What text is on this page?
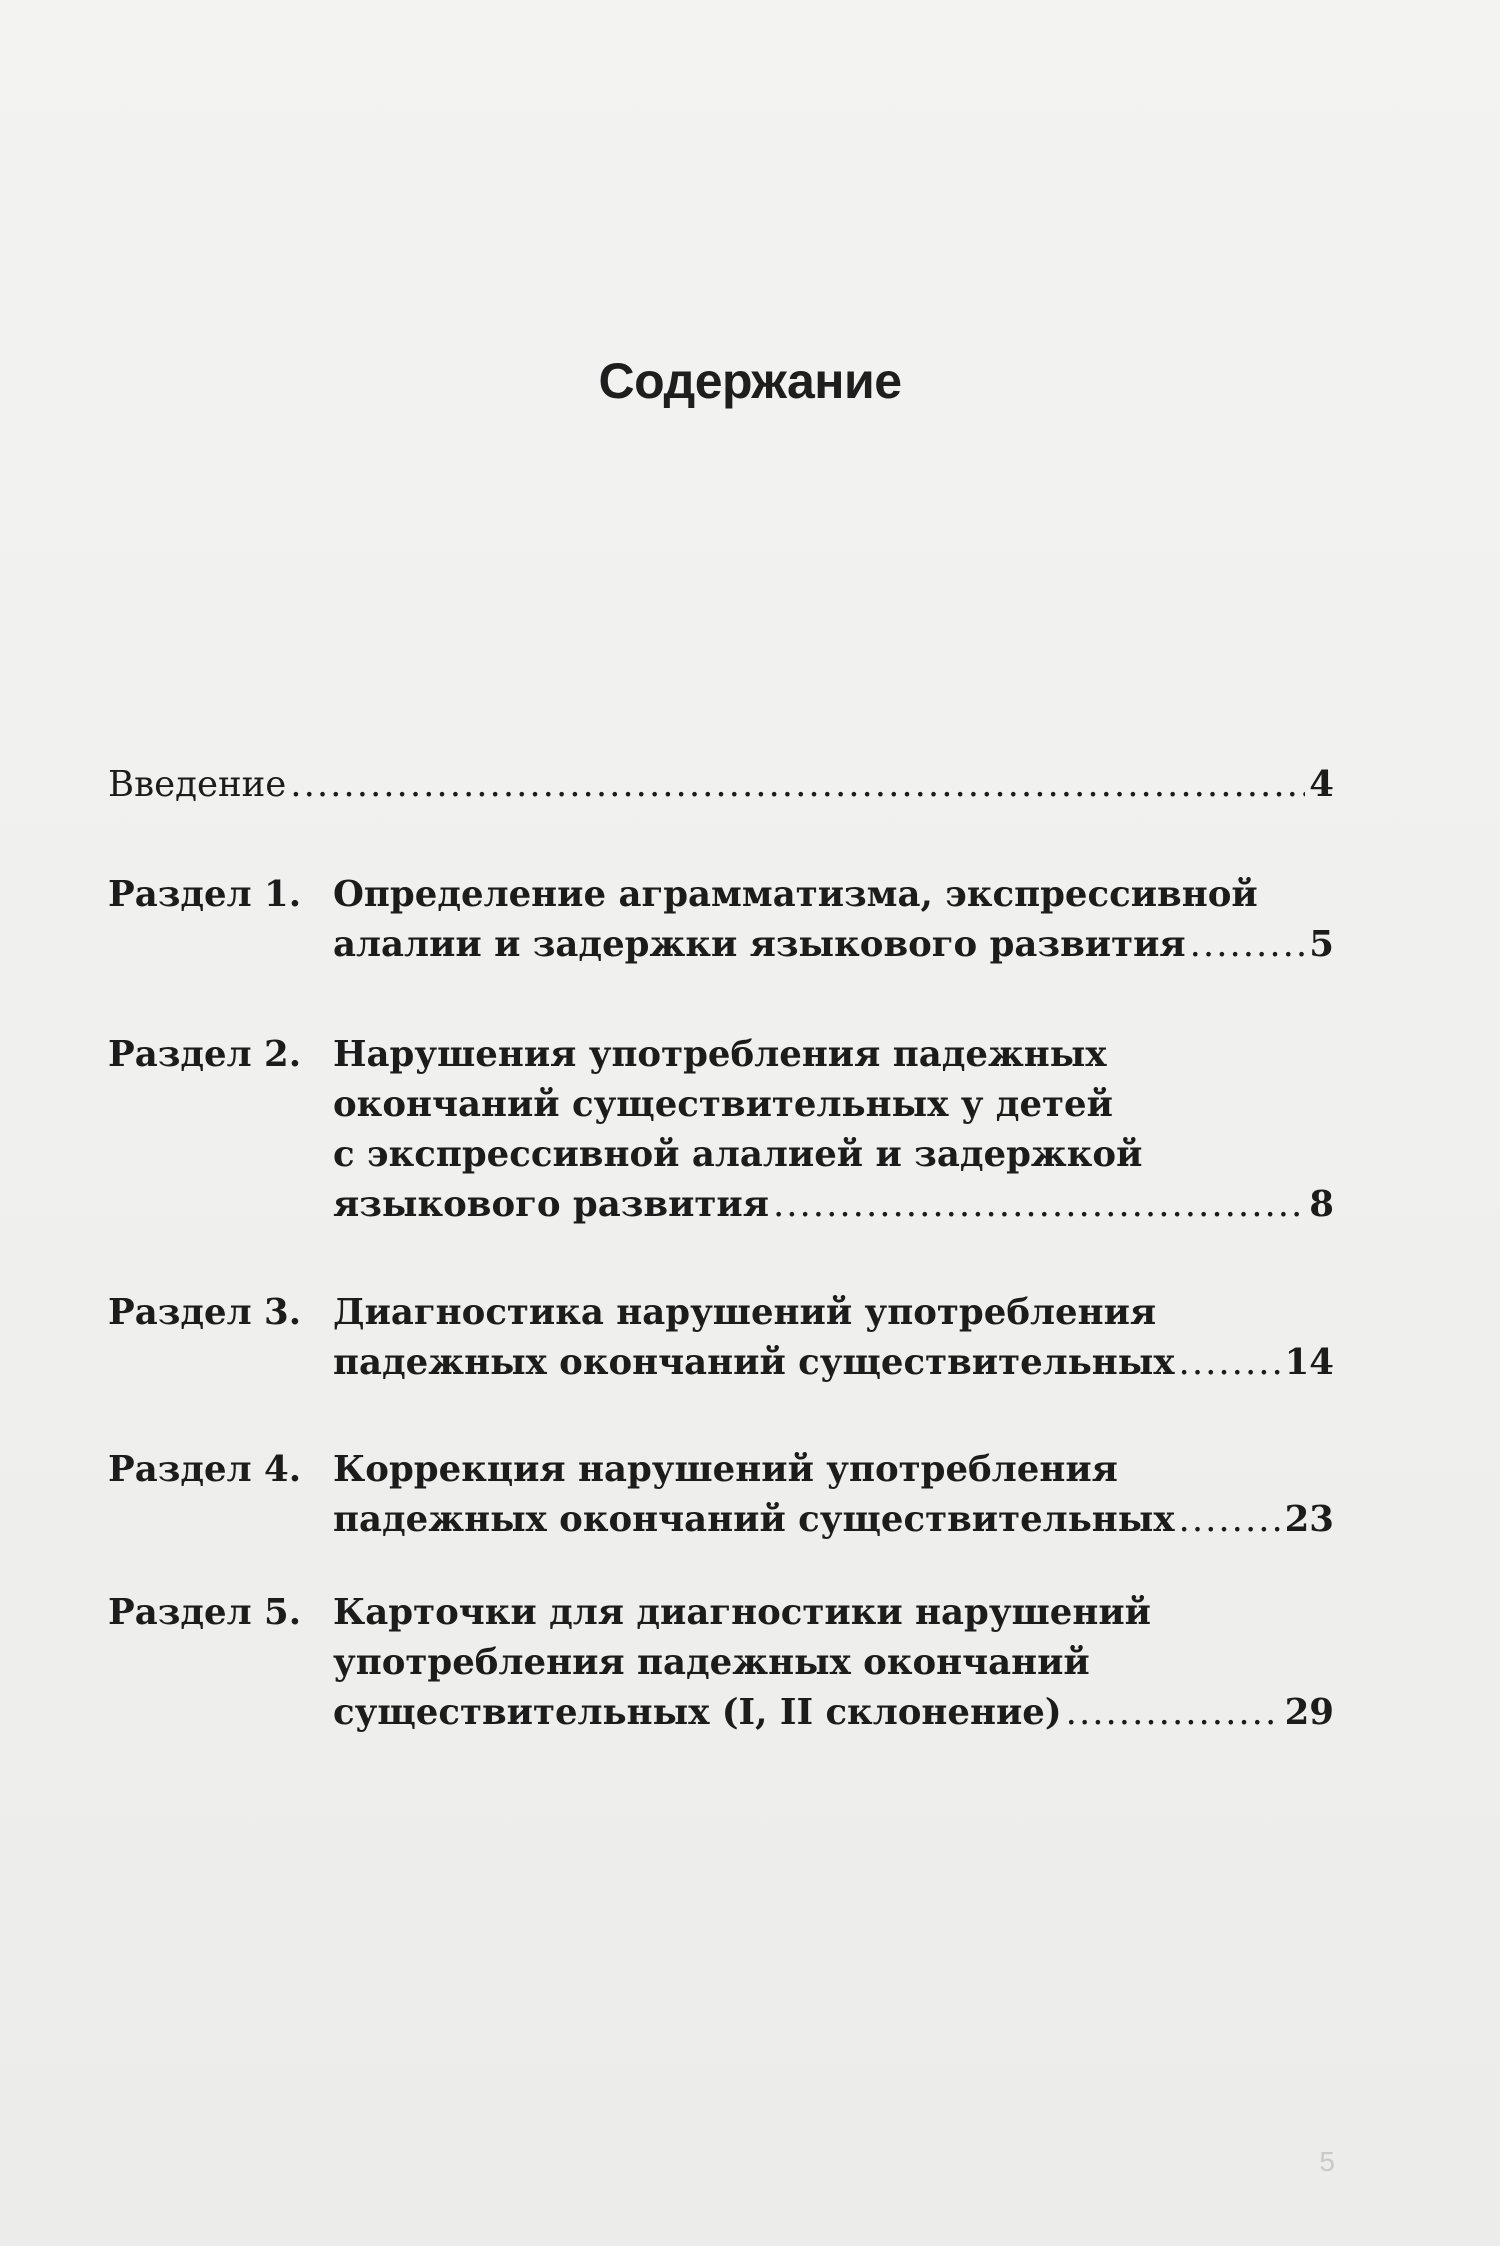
Содержание
Введение .....	4
Раздел 1. Определение аграмматизма, экспрессивной
алалии и задержки языкового развития .....	5
Раздел 2. Нарушения употребления падежных
окончаний существительных у детей
с экспрессивной алалией и задержкой
языкового развития .....	8
Раздел 3. Диагностика нарушений употребления
падежных окончаний существительных .....	14
Раздел 4. Коррекция нарушений употребления
падежных окончаний существительных .....	23
Раздел 5. Карточки для диагностики нарушений
употребления падежных окончаний
существительных (I, II склонение) .....	29
5
